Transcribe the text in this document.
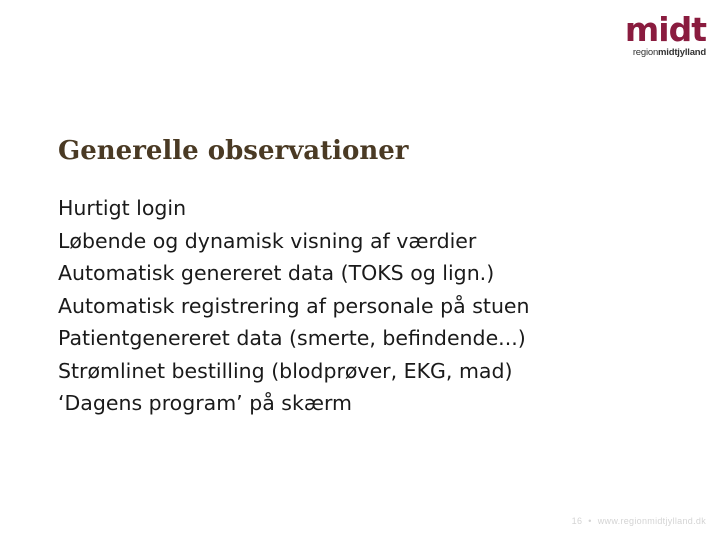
midt
regionmidtjylland
Generelle observationer
Hurtigt login
Løbende og dynamisk visning af værdier
Automatisk genereret data (TOKS og lign.)
Automatisk registrering af personale på stuen
Patientgenereret data (smerte, befindende...)
Strømlinet bestilling (blodprøver, EKG, mad)
‘Dagens program’ på skærm
16 • www.regionmidtjylland.dk
